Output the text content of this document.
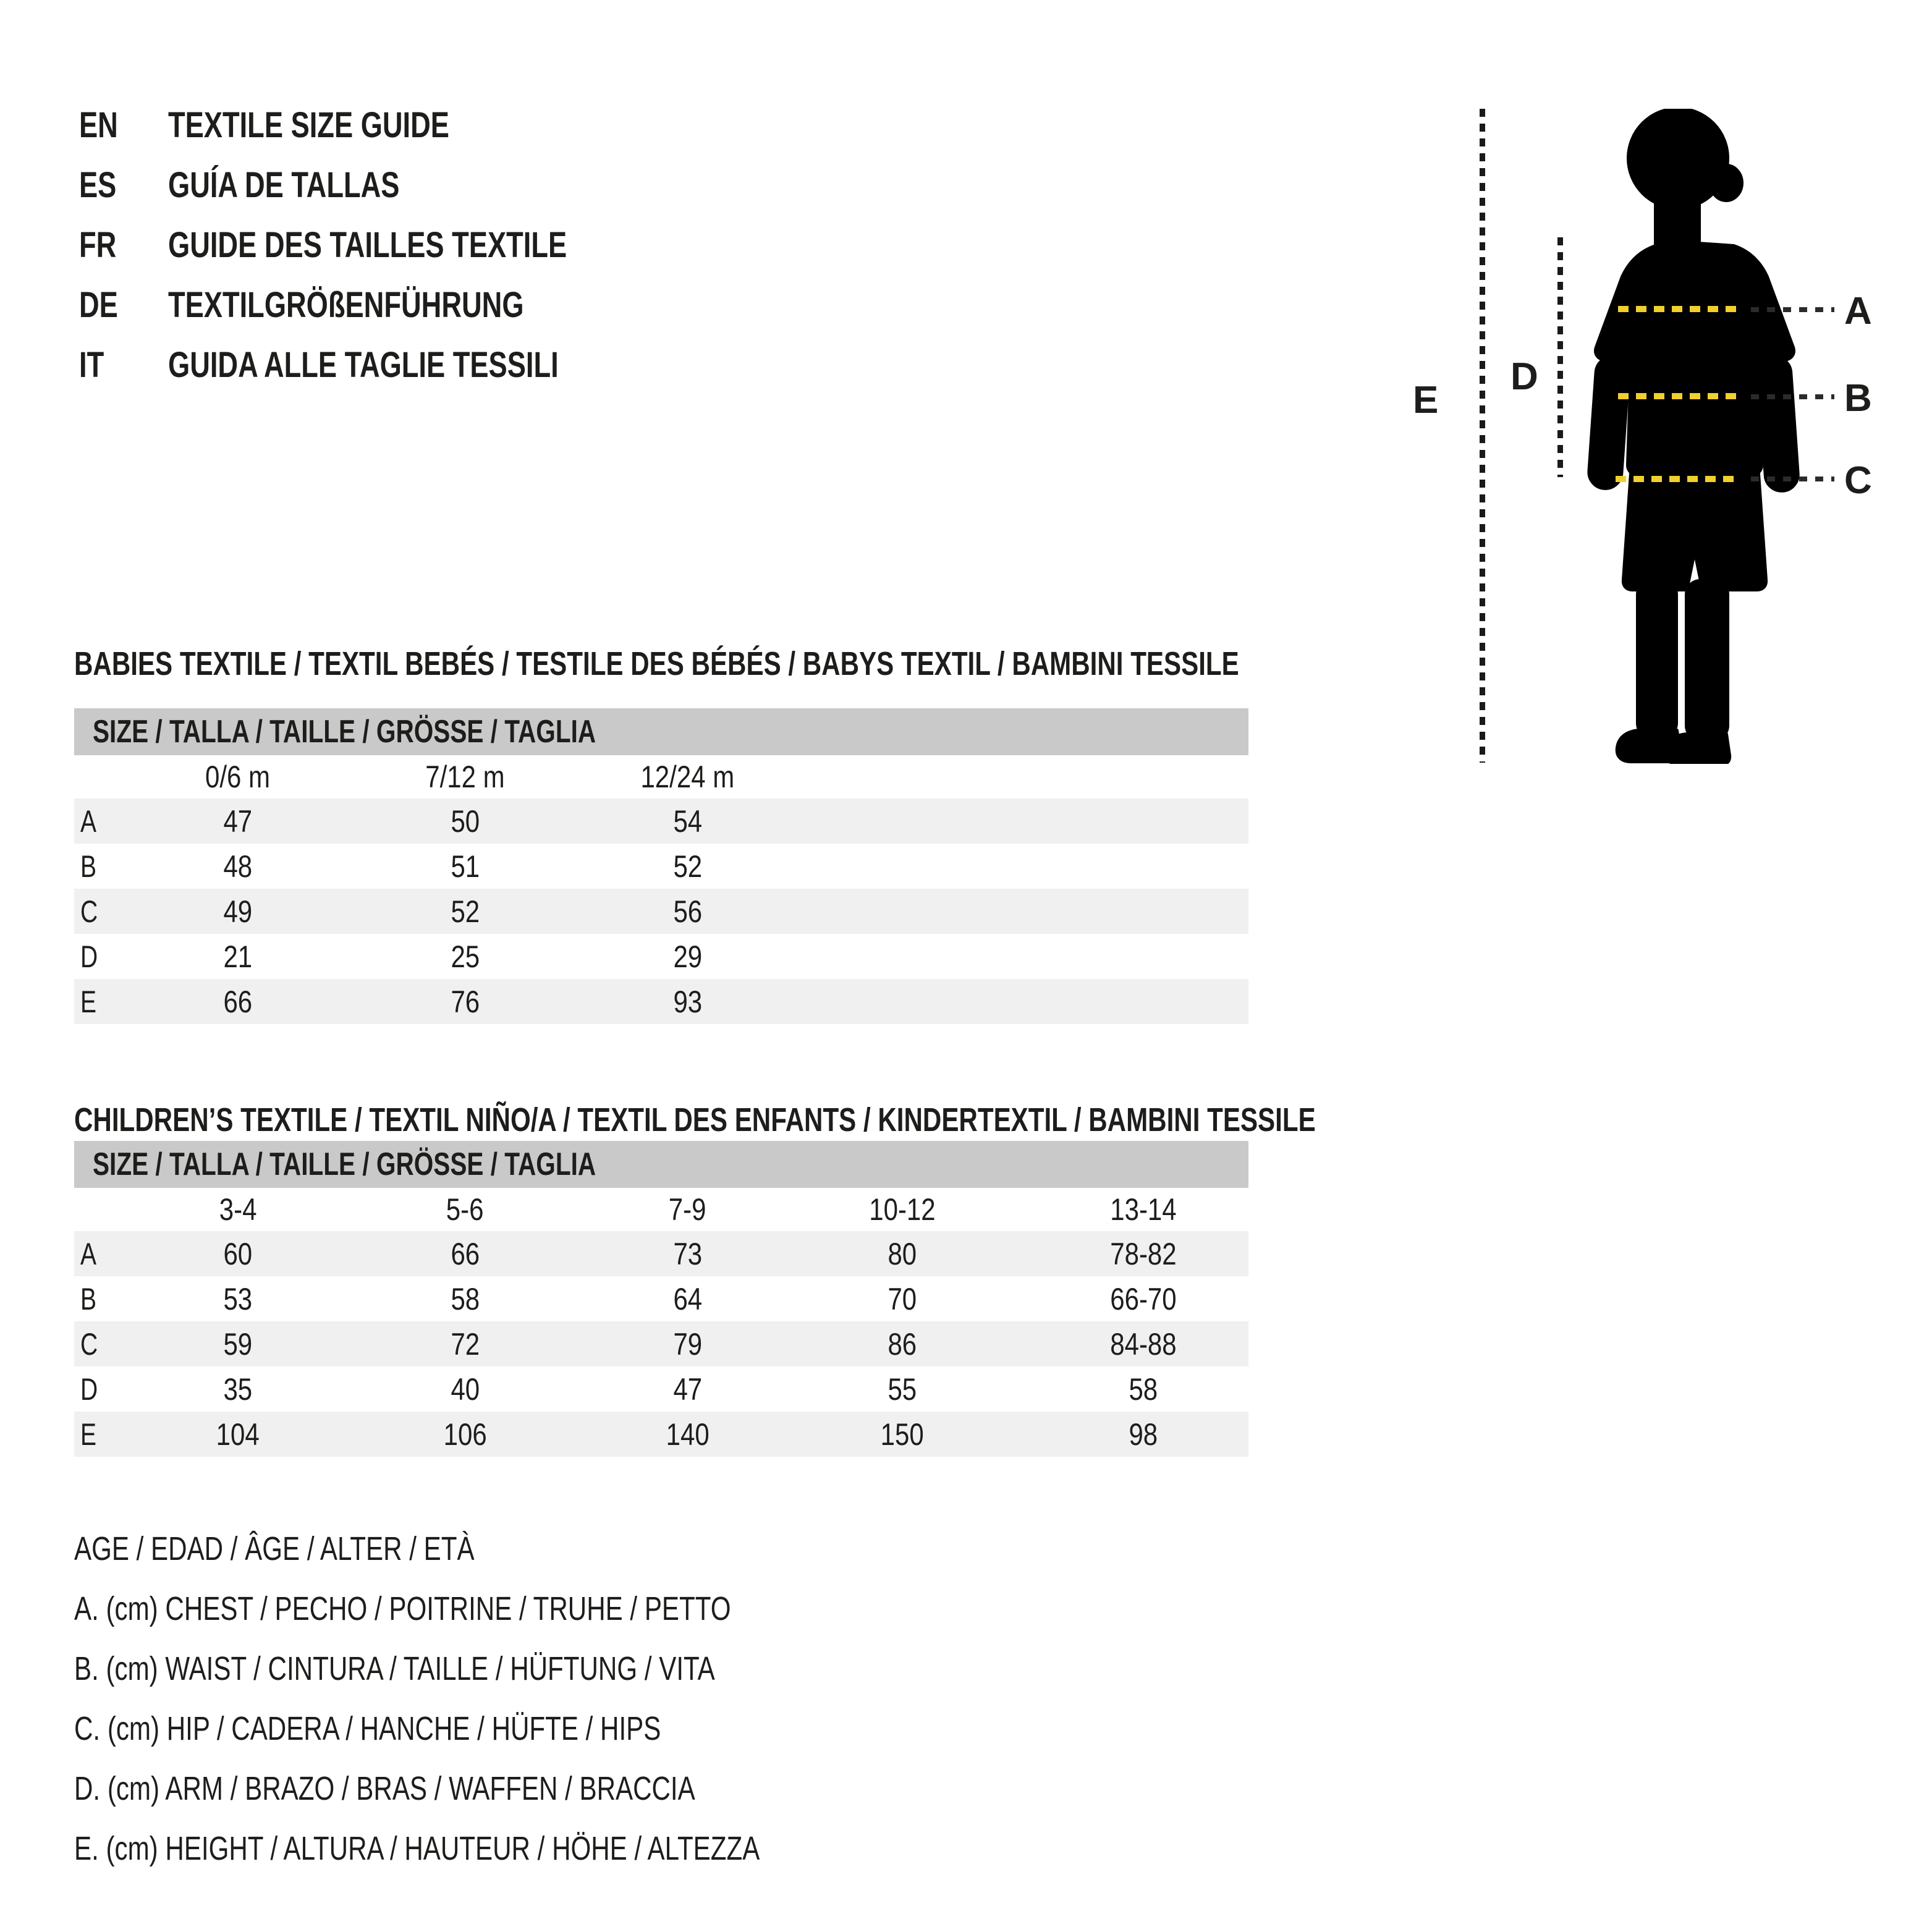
EN	TEXTILE SIZE GUIDE
ES	GUÍA DE TALLAS
FR	GUIDE DES TAILLES TEXTILE
DE	TEXTILGRÖßENFÜHRUNG
IT	GUIDA ALLE TAGLIE TESSILI
A
B
C
D
E
BABIES TEXTILE / TEXTIL BEBÉS / TESTILE DES BÉBÉS / BABYS TEXTIL / BAMBINI TESSILE
SIZE / TALLA / TAILLE / GRÖSSE / TAGLIA
	0/6 m	7/12 m	12/24 m		
A	47	50	54		
B	48	51	52		
C	49	52	56		
D	21	25	29		
E	66	76	93		
CHILDREN’S TEXTILE / TEXTIL NIÑO/A / TEXTIL DES ENFANTS / KINDERTEXTIL / BAMBINI TESSILE
SIZE / TALLA / TAILLE / GRÖSSE / TAGLIA
	3-4	5-6	7-9	10-12	13-14
A	60	66	73	80	78-82
B	53	58	64	70	66-70
C	59	72	79	86	84-88
D	35	40	47	55	58
E	104	106	140	150	98
AGE / EDAD / ÂGE / ALTER / ETÀ
A. (cm) CHEST / PECHO / POITRINE / TRUHE / PETTO
B. (cm) WAIST / CINTURA / TAILLE / HÜFTUNG / VITA
C. (cm) HIP / CADERA / HANCHE / HÜFTE / HIPS
D. (cm) ARM / BRAZO / BRAS / WAFFEN / BRACCIA
E. (cm) HEIGHT / ALTURA / HAUTEUR / HÖHE / ALTEZZA
